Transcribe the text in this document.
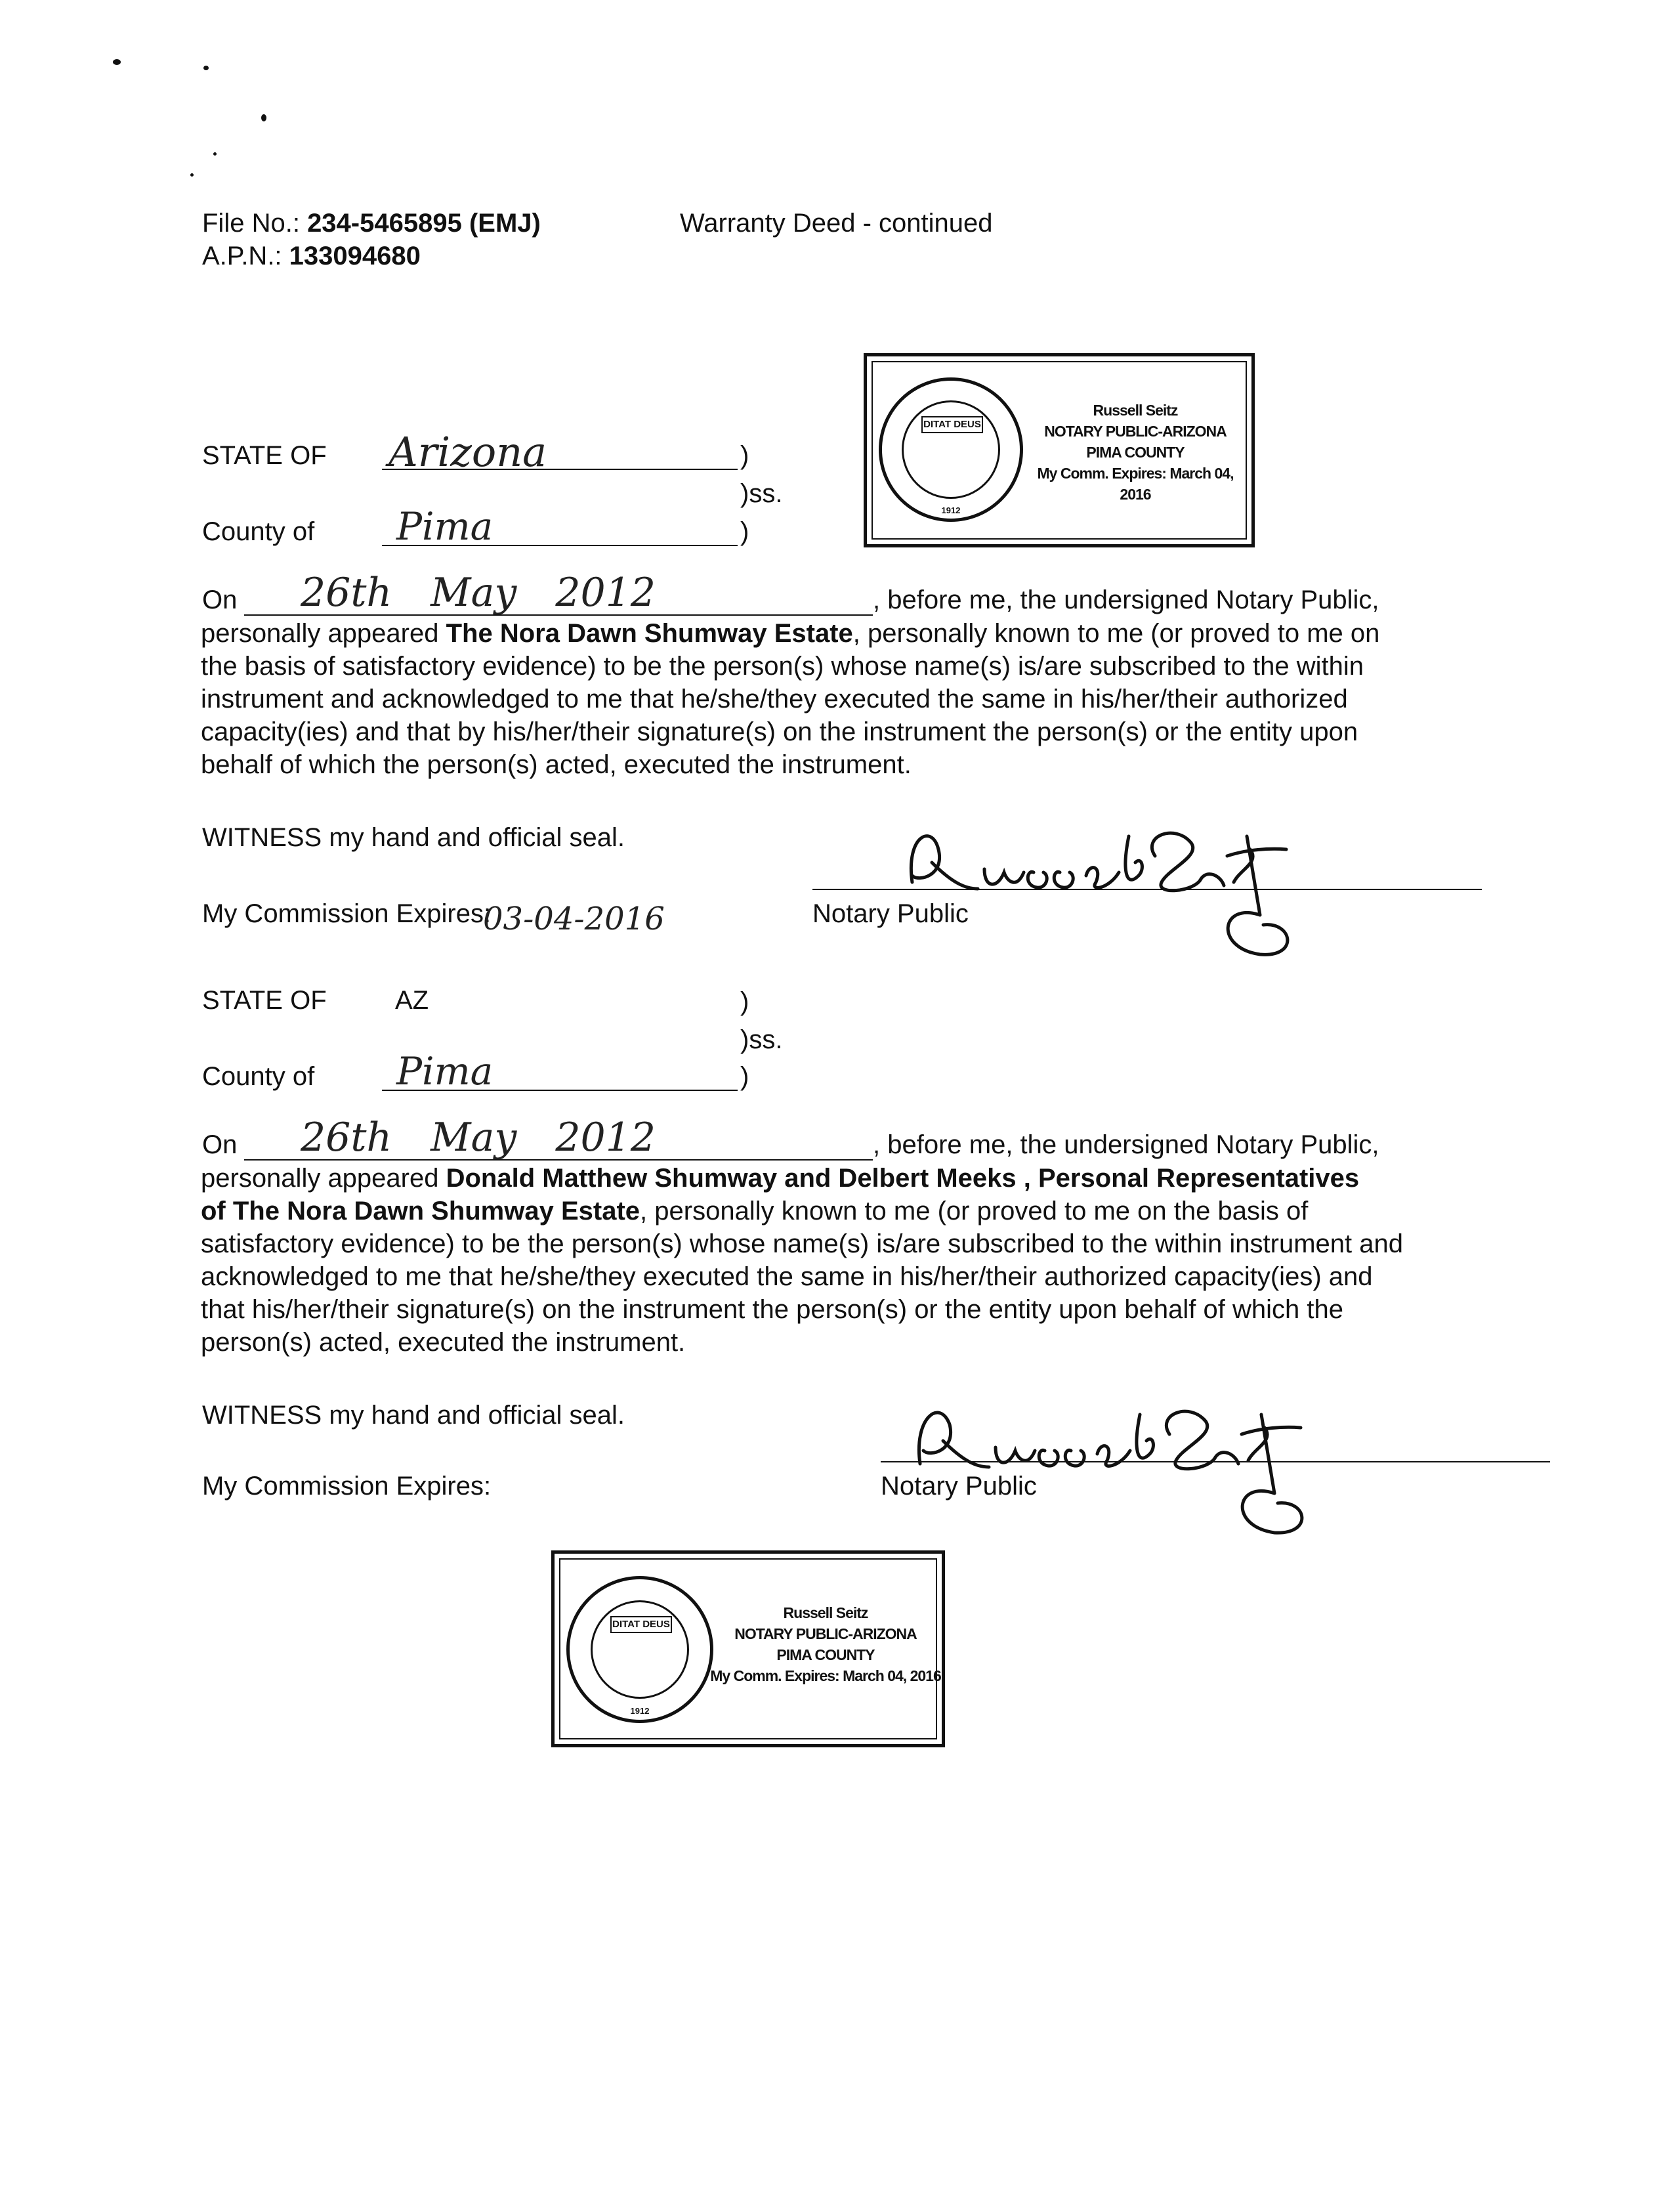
File No.: 234-5465895 (EMJ)
A.P.N.: 133094680
Warranty Deed - continued
DITAT DEUS
1912
Russell Seitz
NOTARY PUBLIC-ARIZONA
PIMA COUNTY
My Comm. Expires: March 04, 2016
STATE OF Arizona	)
)ss.
County of Pima	)
On 26th May 2012	, before me, the undersigned Notary Public,

personally appeared The Nora Dawn Shumway Estate, personally known to me (or proved to me on

the basis of satisfactory evidence) to be the person(s) whose name(s) is/are subscribed to the within

instrument and acknowledged to me that he/she/they executed the same in his/her/their authorized

capacity(ies) and that by his/her/their signature(s) on the instrument the person(s) or the entity upon

behalf of which the person(s) acted, executed the instrument.

WITNESS my hand and official seal.
Notary Public
My Commission Expires:
03-04-2016
STATE OF	AZ	)
)ss.
County of Pima	)
On 26th May 2012	, before me, the undersigned Notary Public,

personally appeared Donald Matthew Shumway and Delbert Meeks , Personal Representatives

of The Nora Dawn Shumway Estate, personally known to me (or proved to me on the basis of

satisfactory evidence) to be the person(s) whose name(s) is/are subscribed to the within instrument and

acknowledged to me that he/she/they executed the same in his/her/their authorized capacity(ies) and

that his/her/their signature(s) on the instrument the person(s) or the entity upon behalf of which the

person(s) acted, executed the instrument.

WITNESS my hand and official seal.
Notary Public
My Commission Expires:
DITAT DEUS
1912
Russell Seitz
NOTARY PUBLIC-ARIZONA
PIMA COUNTY
My Comm. Expires: March 04, 2016
